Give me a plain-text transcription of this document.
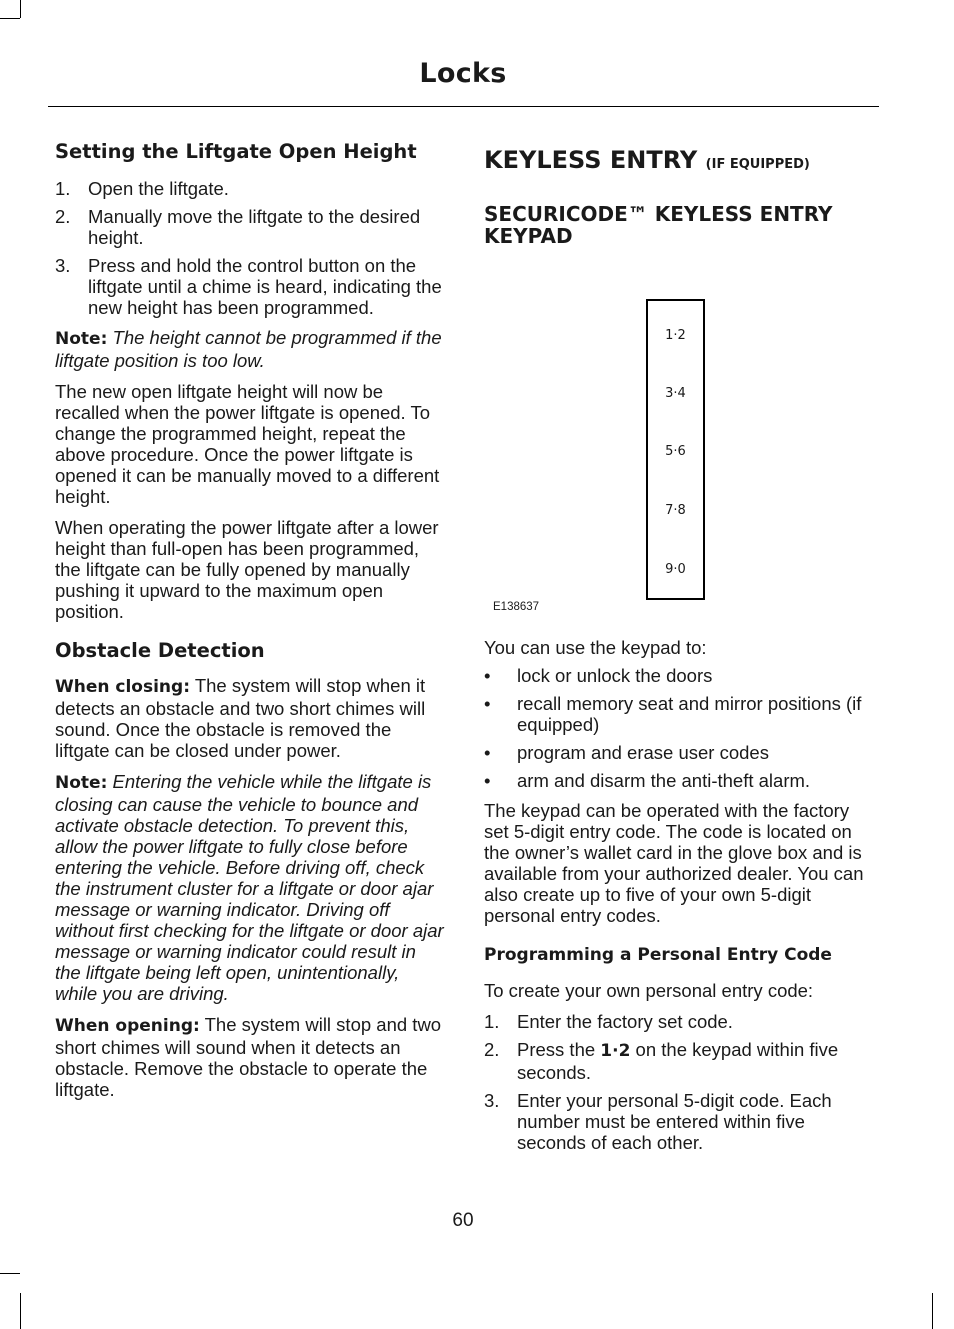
Locks
Setting the Liftgate Open Height
1. Open the liftgate.
2. Manually move the liftgate to the desired height.
3. Press and hold the control button on the liftgate until a chime is heard, indicating the new height has been programmed.

Note: The height cannot be programmed if the liftgate position is too low.

The new open liftgate height will now be recalled when the power liftgate is opened. To change the programmed height, repeat the above procedure. Once the power liftgate is opened it can be manually moved to a different height.

When operating the power liftgate after a lower height than full-open has been programmed, the liftgate can be fully opened by manually pushing it upward to the maximum open position.

Obstacle Detection

When closing: The system will stop when it detects an obstacle and two short chimes will sound. Once the obstacle is removed the liftgate can be closed under power.

Note: Entering the vehicle while the liftgate is closing can cause the vehicle to bounce and activate obstacle detection. To prevent this, allow the power liftgate to fully close before entering the vehicle. Before driving off, check the instrument cluster for a liftgate or door ajar message or warning indicator. Driving off without first checking for the liftgate or door ajar message or warning indicator could result in the liftgate being left open, unintentionally, while you are driving.

When opening: The system will stop and two short chimes will sound when it detects an obstacle. Remove the obstacle to operate the liftgate.

KEYLESS ENTRY (IF EQUIPPED)
SECURICODE™ KEYLESS ENTRY KEYPAD
1·2
3·4
5·6
7·8
9·0
E138637

You can use the keypad to:

• lock or unlock the doors
• recall memory seat and mirror positions (if equipped)
• program and erase user codes
• arm and disarm the anti-theft alarm.

The keypad can be operated with the factory set 5-digit entry code. The code is located on the owner’s wallet card in the glove box and is available from your authorized dealer. You can also create up to five of your own 5-digit personal entry codes.

Programming a Personal Entry Code

To create your own personal entry code:

1. Enter the factory set code.
2. Press the 1·2 on the keypad within five seconds.
3. Enter your personal 5-digit code. Each number must be entered within five seconds of each other.
60
